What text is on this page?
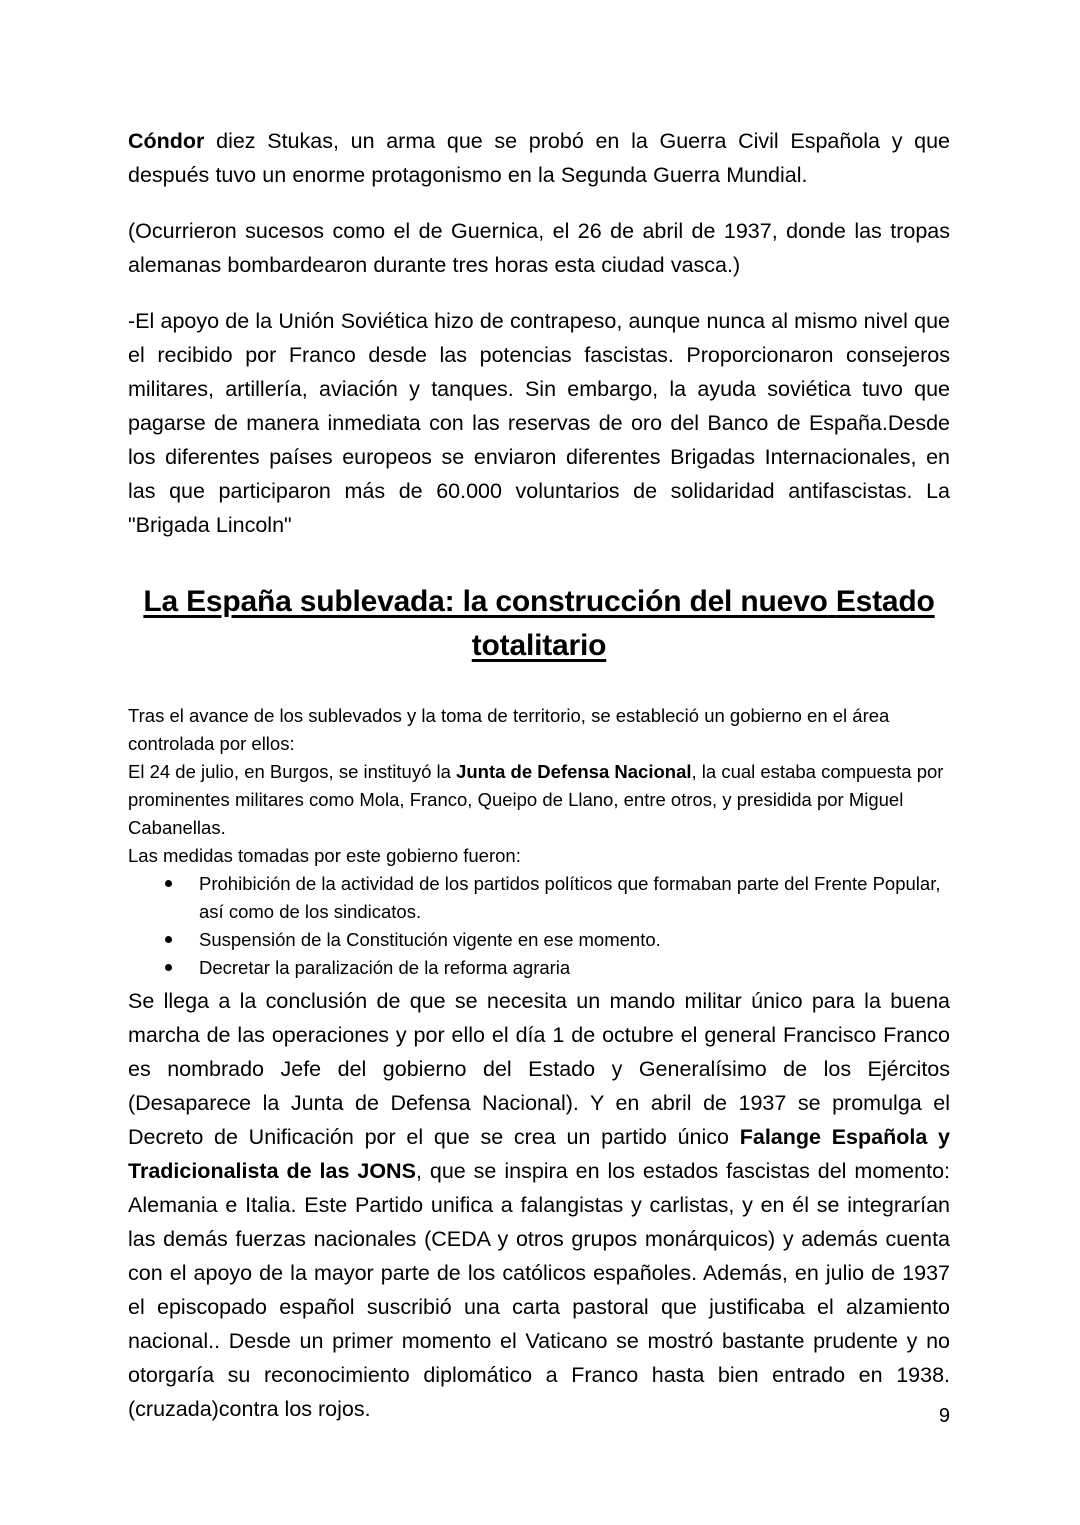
Cóndor diez Stukas, un arma que se probó en la Guerra Civil Española y que después tuvo un enorme protagonismo en la Segunda Guerra Mundial.

(Ocurrieron sucesos como el de Guernica, el 26 de abril de 1937, donde las tropas alemanas bombardearon durante tres horas esta ciudad vasca.)

-El apoyo de la Unión Soviética hizo de contrapeso, aunque nunca al mismo nivel que el recibido por Franco desde las potencias fascistas. Proporcionaron consejeros militares, artillería, aviación y tanques. Sin embargo, la ayuda soviética tuvo que pagarse de manera inmediata con las reservas de oro del Banco de España.Desde los diferentes países europeos se enviaron diferentes Brigadas Internacionales, en las que participaron más de 60.000 voluntarios de solidaridad antifascistas. La "Brigada Lincoln"

La España sublevada: la construcción del nuevo Estado totalitario

Tras el avance de los sublevados y la toma de territorio, se estableció un gobierno en el área controlada por ellos:

El 24 de julio, en Burgos, se instituyó la Junta de Defensa Nacional, la cual estaba compuesta por prominentes militares como Mola, Franco, Queipo de Llano, entre otros, y presidida por Miguel Cabanellas.

Las medidas tomadas por este gobierno fueron:

Prohibición de la actividad de los partidos políticos que formaban parte del Frente Popular, así como de los sindicatos.
Suspensión de la Constitución vigente en ese momento.
Decretar la paralización de la reforma agraria

Se llega a la conclusión de que se necesita un mando militar único para la buena marcha de las operaciones y por ello el día 1 de octubre el general Francisco Franco es nombrado Jefe del gobierno del Estado y Generalísimo de los Ejércitos (Desaparece la Junta de Defensa Nacional). Y en abril de 1937 se promulga el Decreto de Unificación por el que se crea un partido único Falange Española y Tradicionalista de las JONS, que se inspira en los estados fascistas del momento: Alemania e Italia. Este Partido unifica a falangistas y carlistas, y en él se integrarían las demás fuerzas nacionales (CEDA y otros grupos monárquicos) y además cuenta con el apoyo de la mayor parte de los católicos españoles. Además, en julio de 1937 el episcopado español suscribió una carta pastoral que justificaba el alzamiento nacional.. Desde un primer momento el Vaticano se mostró bastante prudente y no otorgaría su reconocimiento diplomático a Franco hasta bien entrado en 1938. (cruzada)contra los rojos.	9
